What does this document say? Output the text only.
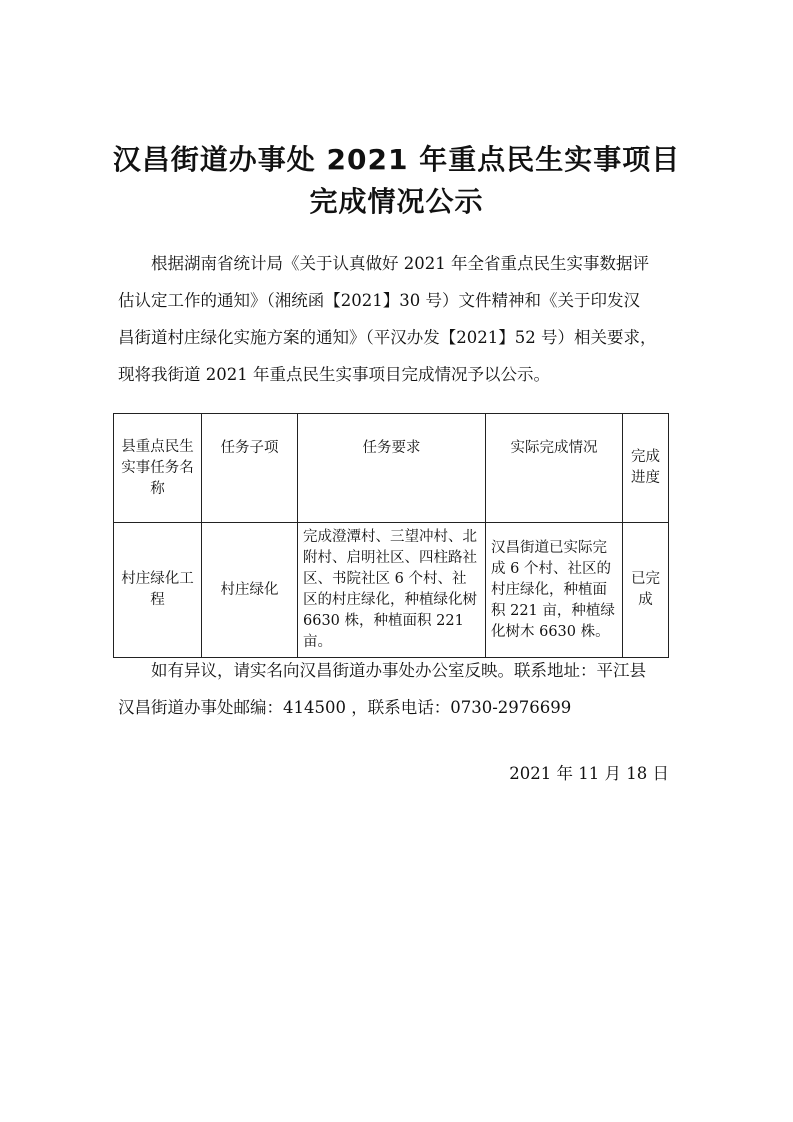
汉昌街道办事处 2021 年重点民生实事项目
完成情况公示
　　根据湖南省统计局《关于认真做好 2021 年全省重点民生实事数据评
估认定工作的通知》（湘统函【2021】30 号）文件精神和《关于印发汉
昌街道村庄绿化实施方案的通知》（平汉办发【2021】52 号）相关要求，
现将我街道 2021 年重点民生实事项目完成情况予以公示。
县重点民生实事任务名称	任务子项	任务要求	实际完成情况	完成进度
村庄绿化工程	村庄绿化	完成澄潭村、三望冲村、北附村、启明社区、四柱路社区、书院社区 6 个村、社区的村庄绿化，种植绿化树 6630 株，种植面积 221 亩。	汉昌街道已实际完成 6 个村、社区的村庄绿化，种植面积 221 亩，种植绿化树木 6630 株。	已完成
　　如有异议，请实名向汉昌街道办事处办公室反映。联系地址：平江县
汉昌街道办事处邮编：414500 ，联系电话：0730-2976699
2021 年 11 月 18 日
